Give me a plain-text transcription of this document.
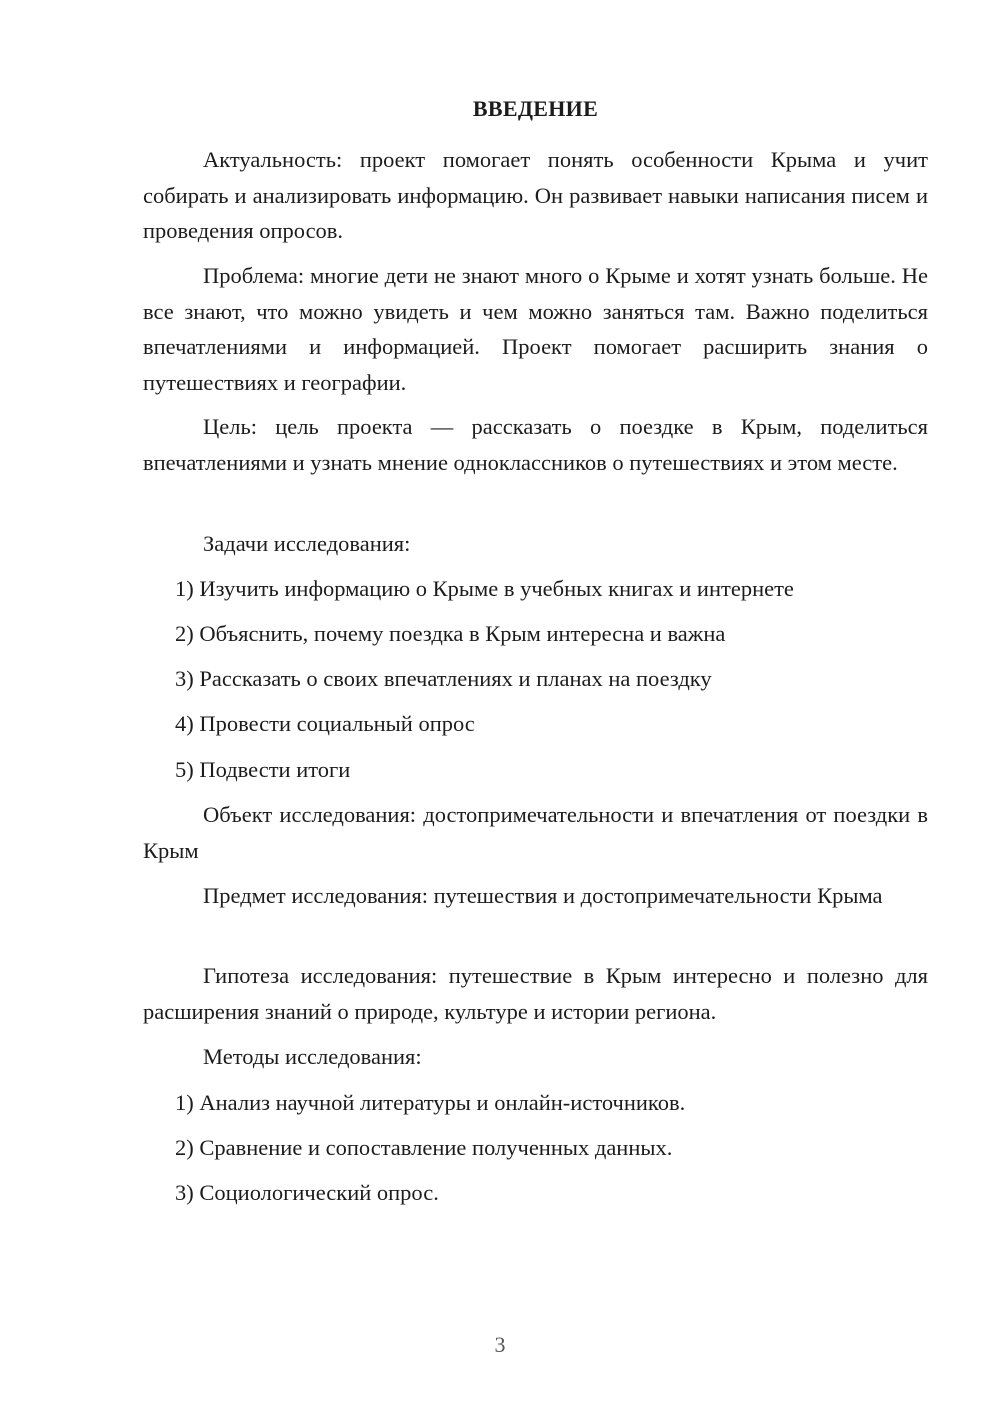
ВВЕДЕНИЕ

Актуальность: проект помогает понять особенности Крыма и учит собирать и анализировать информацию. Он развивает навыки написания писем и проведения опросов.

Проблема: многие дети не знают много о Крыме и хотят узнать больше. Не все знают, что можно увидеть и чем можно заняться там. Важно поделиться впечатлениями и информацией. Проект помогает расширить знания о путешествиях и географии.

Цель: цель проекта — рассказать о поездке в Крым, поделиться впечатлениями и узнать мнение одноклассников о путешествиях и этом месте.

Задачи исследования:
1) Изучить информацию о Крыме в учебных книгах и интернете
2) Объяснить, почему поездка в Крым интересна и важна
3) Рассказать о своих впечатлениях и планах на поездку
4) Провести социальный опрос
5) Подвести итоги

Объект исследования: достопримечательности и впечатления от поездки в Крым

Предмет исследования: путешествия и достопримечательности Крыма

Гипотеза исследования: путешествие в Крым интересно и полезно для расширения знаний о природе, культуре и истории региона.

Методы исследования:
1) Анализ научной литературы и онлайн-источников.
2) Сравнение и сопоставление полученных данных.
3) Социологический опрос.
3
